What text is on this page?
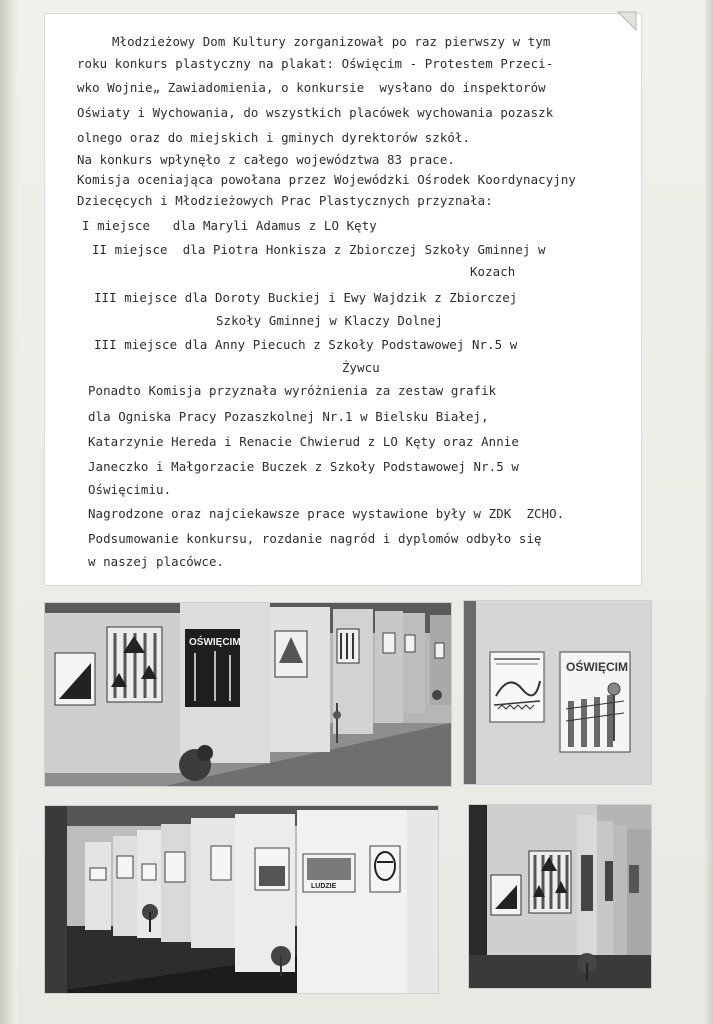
Młodzieżowy Dom Kultury zorganizował po raz pierwszy w tym

roku konkurs plastyczny na plakat: Oświęcim - Protestem Przeci-

wko Wojnie„ Zawiadomienia, o konkursie  wysłano do inspektorów

Oświaty i Wychowania, do wszystkich placówek wychowania pozaszk

olnego oraz do miejskich i gminych dyrektorów szkół.

Na konkurs wpłynęło z całego województwa 83 prace.

Komisja oceniająca powołana przez Wojewódzki Ośrodek Koordynacyjny

Dziecęcych i Młodzieżowych Prac Plastycznych przyznała:

I miejsce   dla Maryli Adamus z LO Kęty

II miejsce  dla Piotra Honkisza z Zbiorczej Szkoły Gminnej w

Kozach

III miejsce dla Doroty Buckiej i Ewy Wajdzik z Zbiorczej

Szkoły Gminnej w Klaczy Dolnej

III miejsce dla Anny Piecuch z Szkoły Podstawowej Nr.5 w

Żywcu

Ponadto Komisja przyznała wyróżnienia za zestaw grafik

dla Ogniska Pracy Pozaszkolnej Nr.1 w Bielsku Białej,

Katarzynie Hereda i Renacie Chwierud z LO Kęty oraz Annie

Janeczko i Małgorzacie Buczek z Szkoły Podstawowej Nr.5 w

Oświęcimiu.

Nagrodzone oraz najciekawsze prace wystawione były w ZDK  ZCHO.

Podsumowanie konkursu, rozdanie nagród i dyplomów odbyło się

w naszej placówce.

OŚWIĘCIM
OŚWIĘCIM
LUDZIE
